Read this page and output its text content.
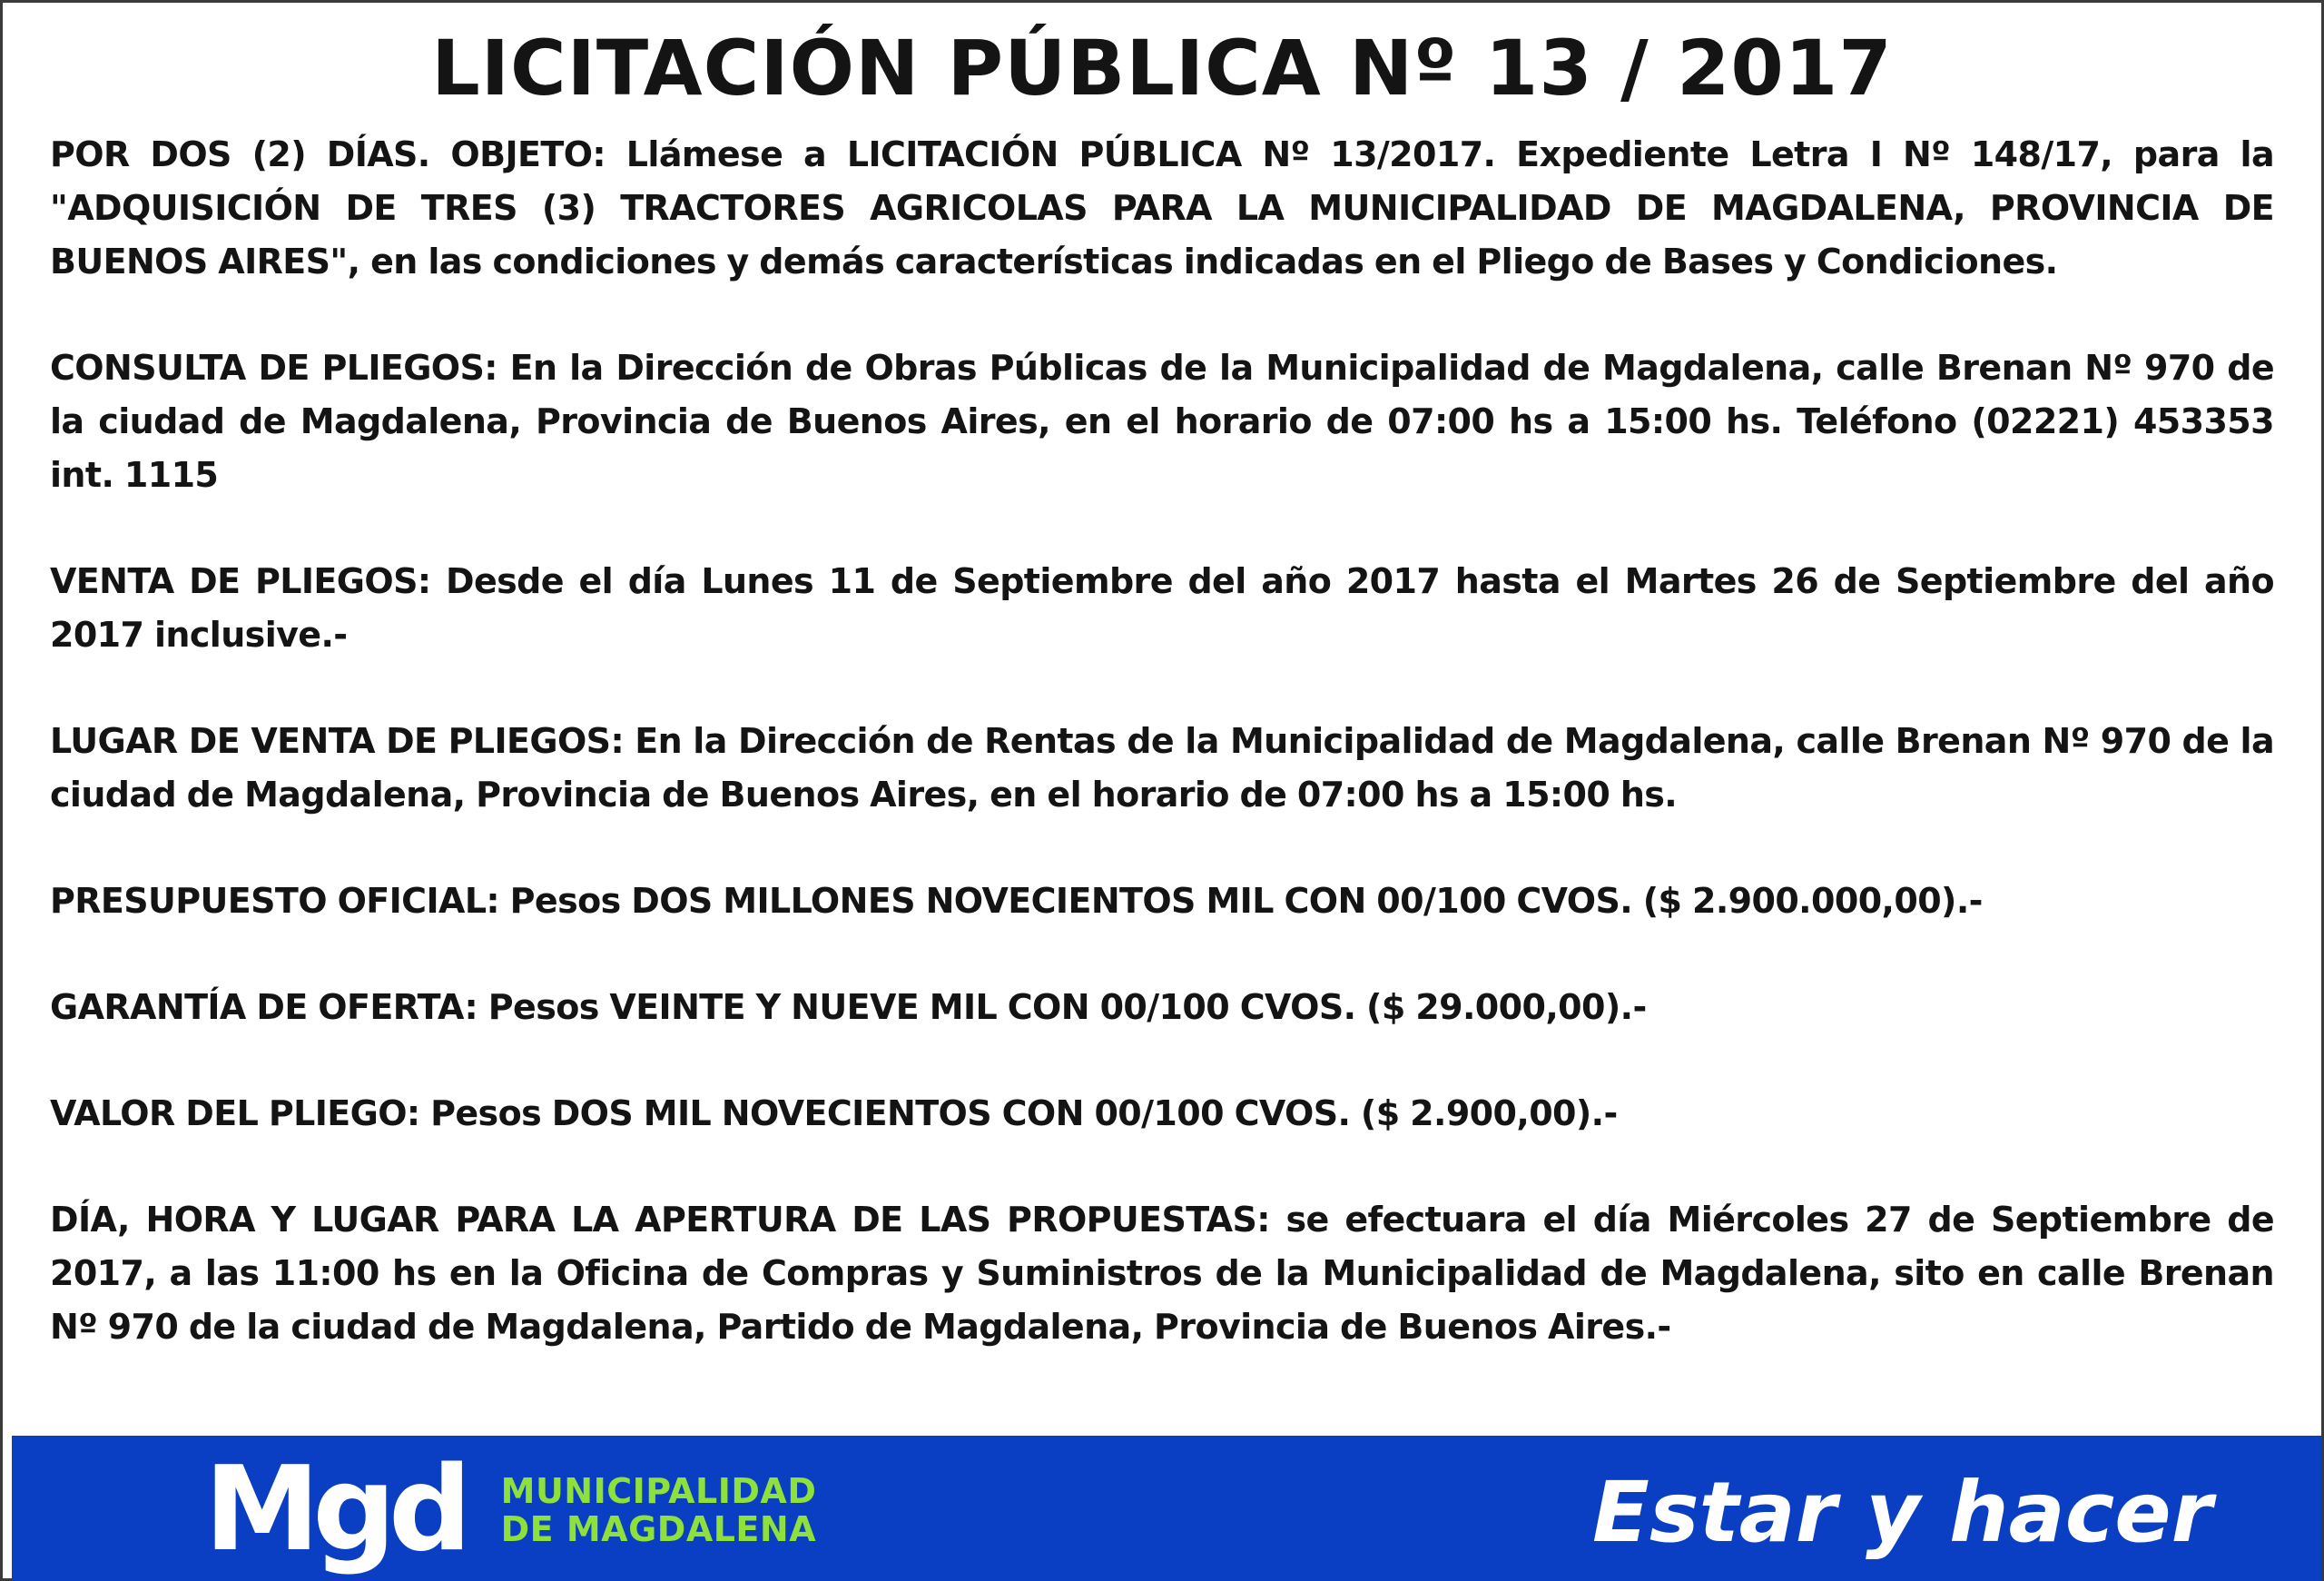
LICITACIÓN PÚBLICA Nº 13 / 2017

POR DOS (2) DÍAS. OBJETO: Llámese a LICITACIÓN PÚBLICA Nº 13/2017. Expediente Letra I Nº 148/17, para la "ADQUISICIÓN DE TRES (3) TRACTORES AGRICOLAS PARA LA MUNICIPALIDAD DE MAGDALENA, PROVINCIA DE BUENOS AIRES", en las condiciones y demás características indicadas en el Pliego de Bases y Condiciones.

CONSULTA DE PLIEGOS: En la Dirección de Obras Públicas de la Municipalidad de Magdalena, calle Brenan Nº 970 de la ciudad de Magdalena, Provincia de Buenos Aires, en el horario de 07:00 hs a 15:00 hs. Teléfono (02221) 453353 int. 1115

VENTA DE PLIEGOS: Desde el día Lunes 11 de Septiembre del año 2017 hasta el Martes 26 de Septiembre del año 2017 inclusive.-

LUGAR DE VENTA DE PLIEGOS: En la Dirección de Rentas de la Municipalidad de Magdalena, calle Brenan Nº 970 de la ciudad de Magdalena, Provincia de Buenos Aires, en el horario de 07:00 hs a 15:00 hs.

PRESUPUESTO OFICIAL: Pesos DOS MILLONES NOVECIENTOS MIL CON 00/100 CVOS. ($ 2.900.000,00).-

GARANTÍA DE OFERTA: Pesos VEINTE Y NUEVE MIL CON 00/100 CVOS. ($ 29.000,00).-

VALOR DEL PLIEGO: Pesos DOS MIL NOVECIENTOS CON 00/100 CVOS. ($ 2.900,00).-

DÍA, HORA Y LUGAR PARA LA APERTURA DE LAS PROPUESTAS: se efectuara el día Miércoles 27 de Septiembre de 2017, a las 11:00 hs en la Oficina de Compras y Suministros de la Municipalidad de Magdalena, sito en calle Brenan Nº 970 de la ciudad de Magdalena, Partido de Magdalena, Provincia de Buenos Aires.-

Mgd MUNICIPALIDAD
DE MAGDALENA	Estar y hacer
